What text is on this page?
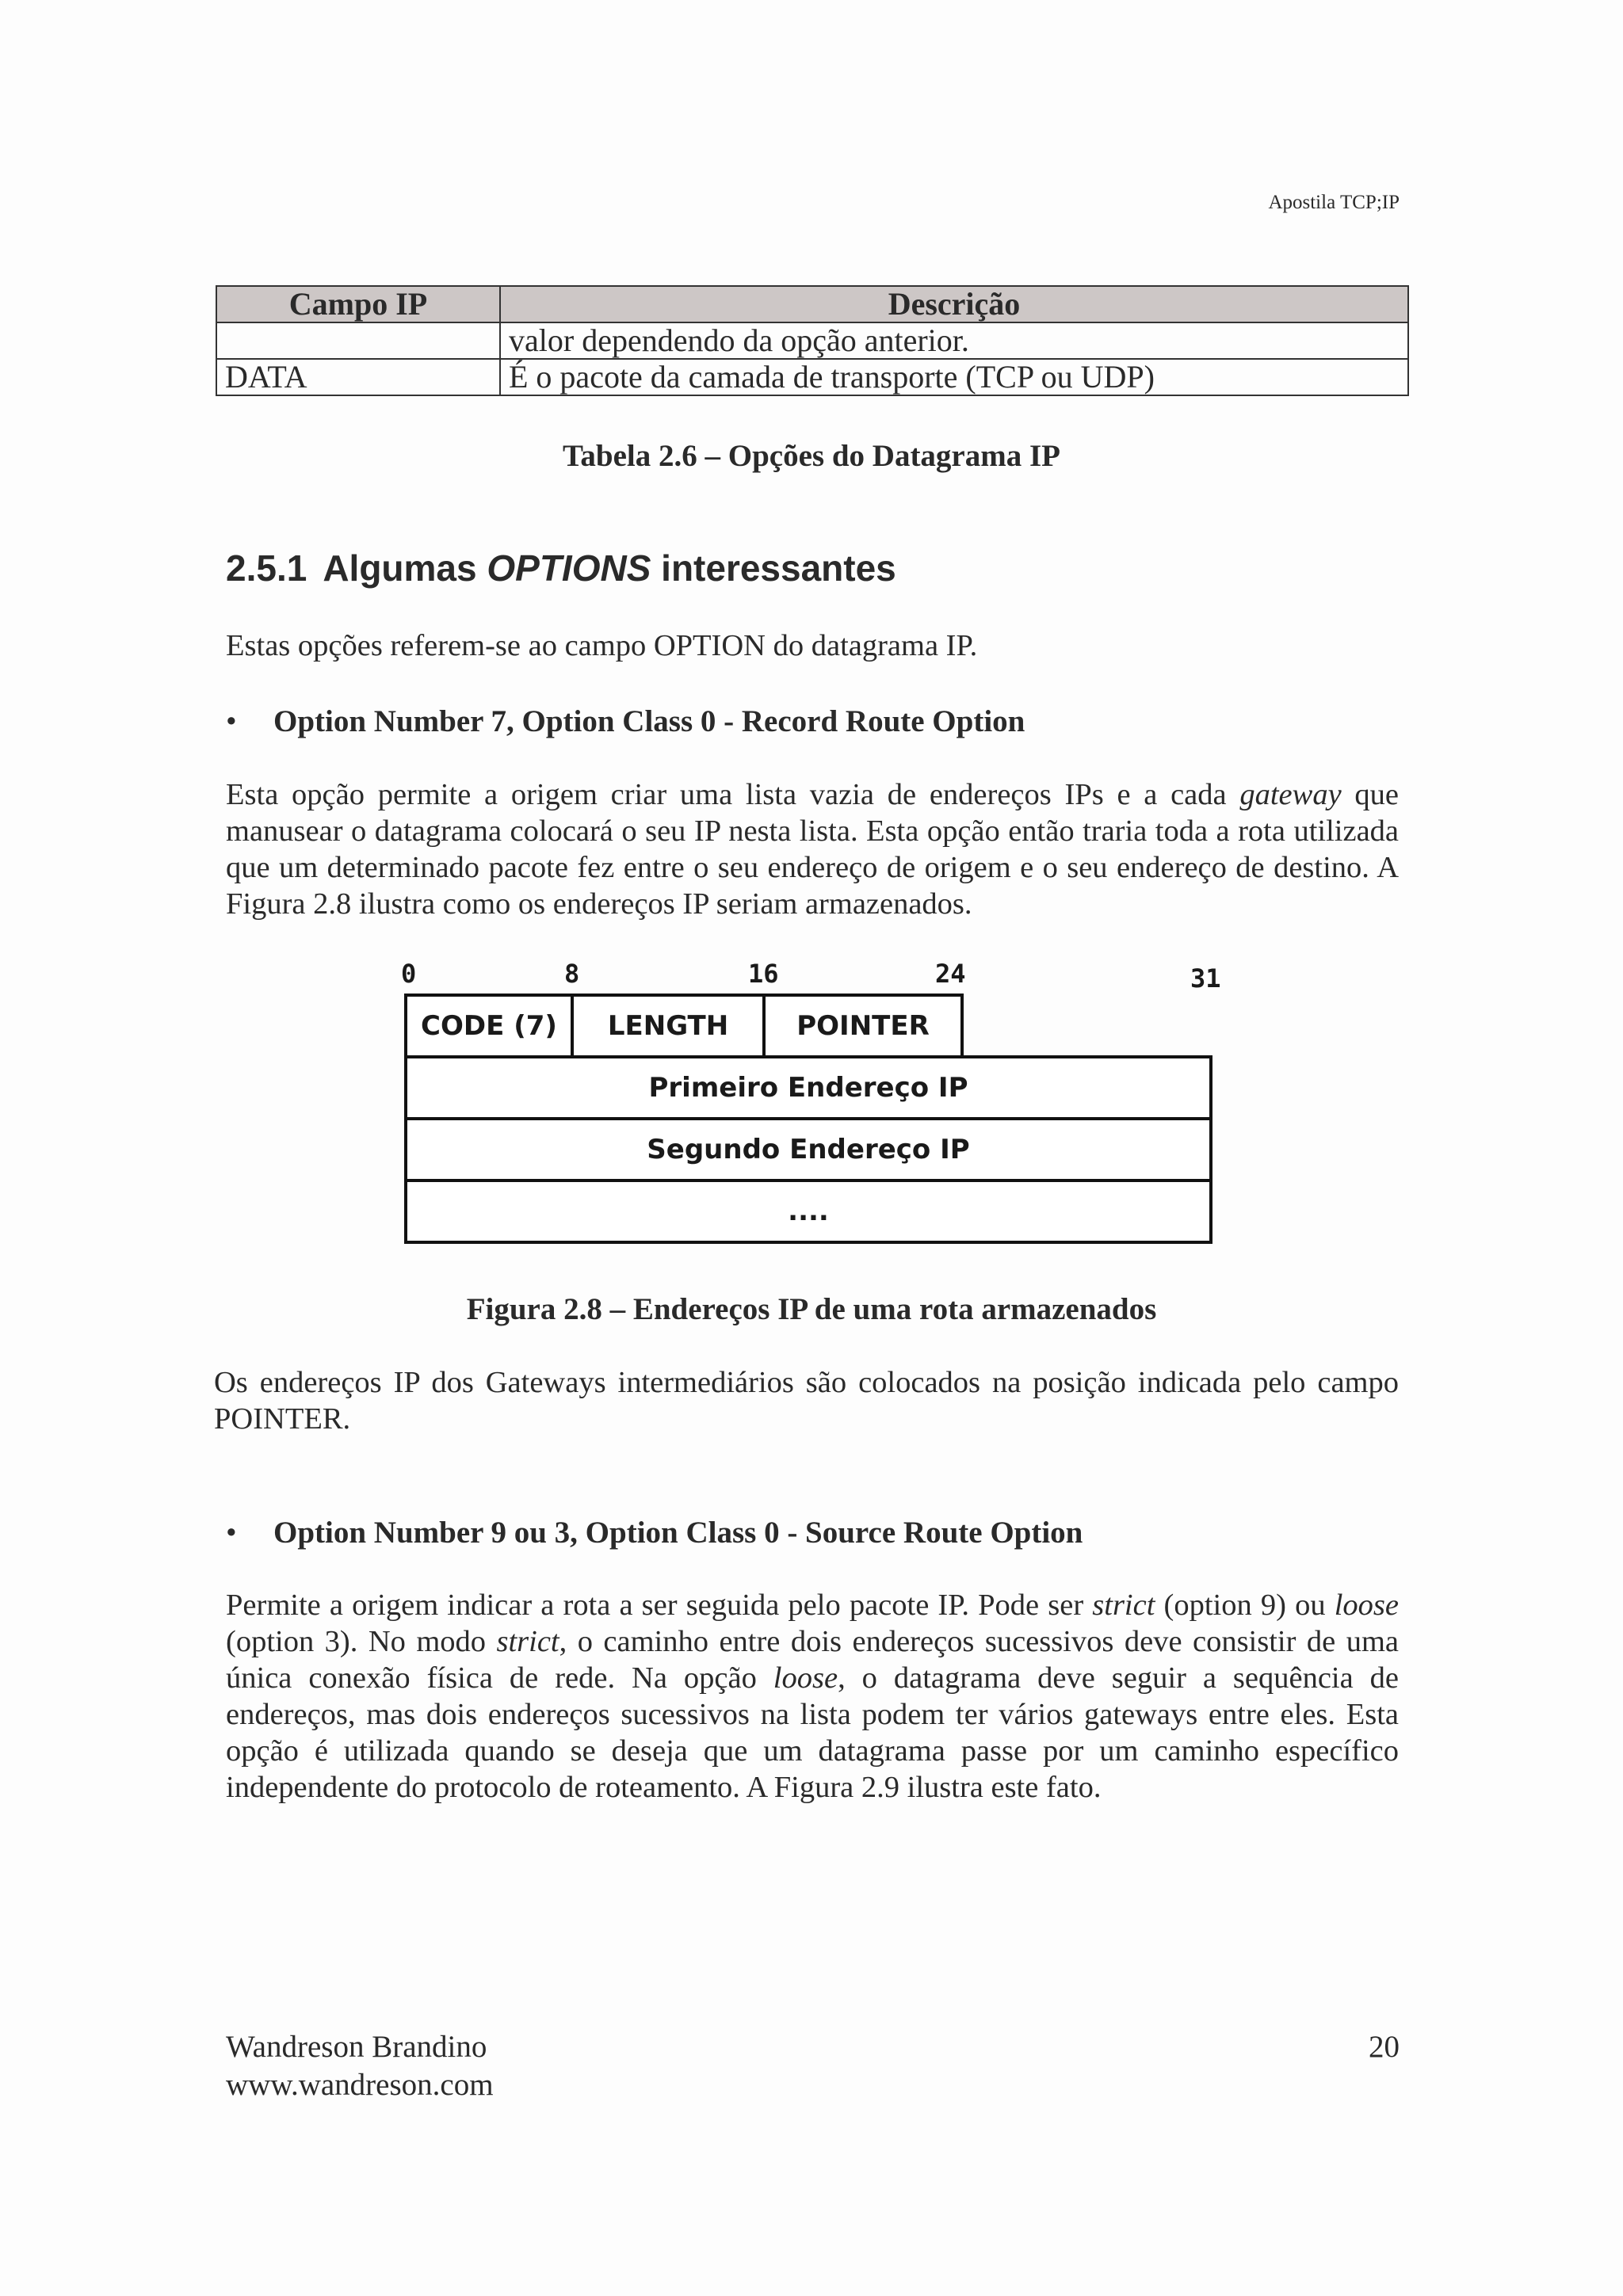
Apostila TCP;IP
Campo IP	Descrição
	valor dependendo da opção anterior.
DATA	É o pacote da camada de transporte (TCP ou UDP)
Tabela 2.6 – Opções do Datagrama IP
2.5.1 Algumas OPTIONS interessantes

Estas opções referem-se ao campo OPTION do datagrama IP.

• Option Number 7, Option Class 0 - Record Route Option

Esta opção permite a origem criar uma lista vazia de endereços IPs e a cada gateway que manusear o datagrama colocará o seu IP nesta lista. Esta opção então traria toda a rota utilizada que um determinado pacote fez entre o seu endereço de origem e o seu endereço de destino. A Figura 2.8 ilustra como os endereços IP seriam armazenados.

0	8	16	24	31
CODE (7)	LENGTH	POINTER
Primeiro Endereço IP
Segundo Endereço IP
....
Figura 2.8 – Endereços IP de uma rota armazenados

Os endereços IP dos Gateways intermediários são colocados na posição indicada pelo campo POINTER.

• Option Number 9 ou 3, Option Class 0 - Source Route Option

Permite a origem indicar a rota a ser seguida pelo pacote IP. Pode ser strict (option 9) ou loose (option 3). No modo strict, o caminho entre dois endereços sucessivos deve consistir de uma única conexão física de rede. Na opção loose, o datagrama deve seguir a sequência de endereços, mas dois endereços sucessivos na lista podem ter vários gateways entre eles. Esta opção é utilizada quando se deseja que um datagrama passe por um caminho específico independente do protocolo de roteamento. A Figura 2.9 ilustra este fato.

Wandreson Brandino
www.wandreson.com
20
